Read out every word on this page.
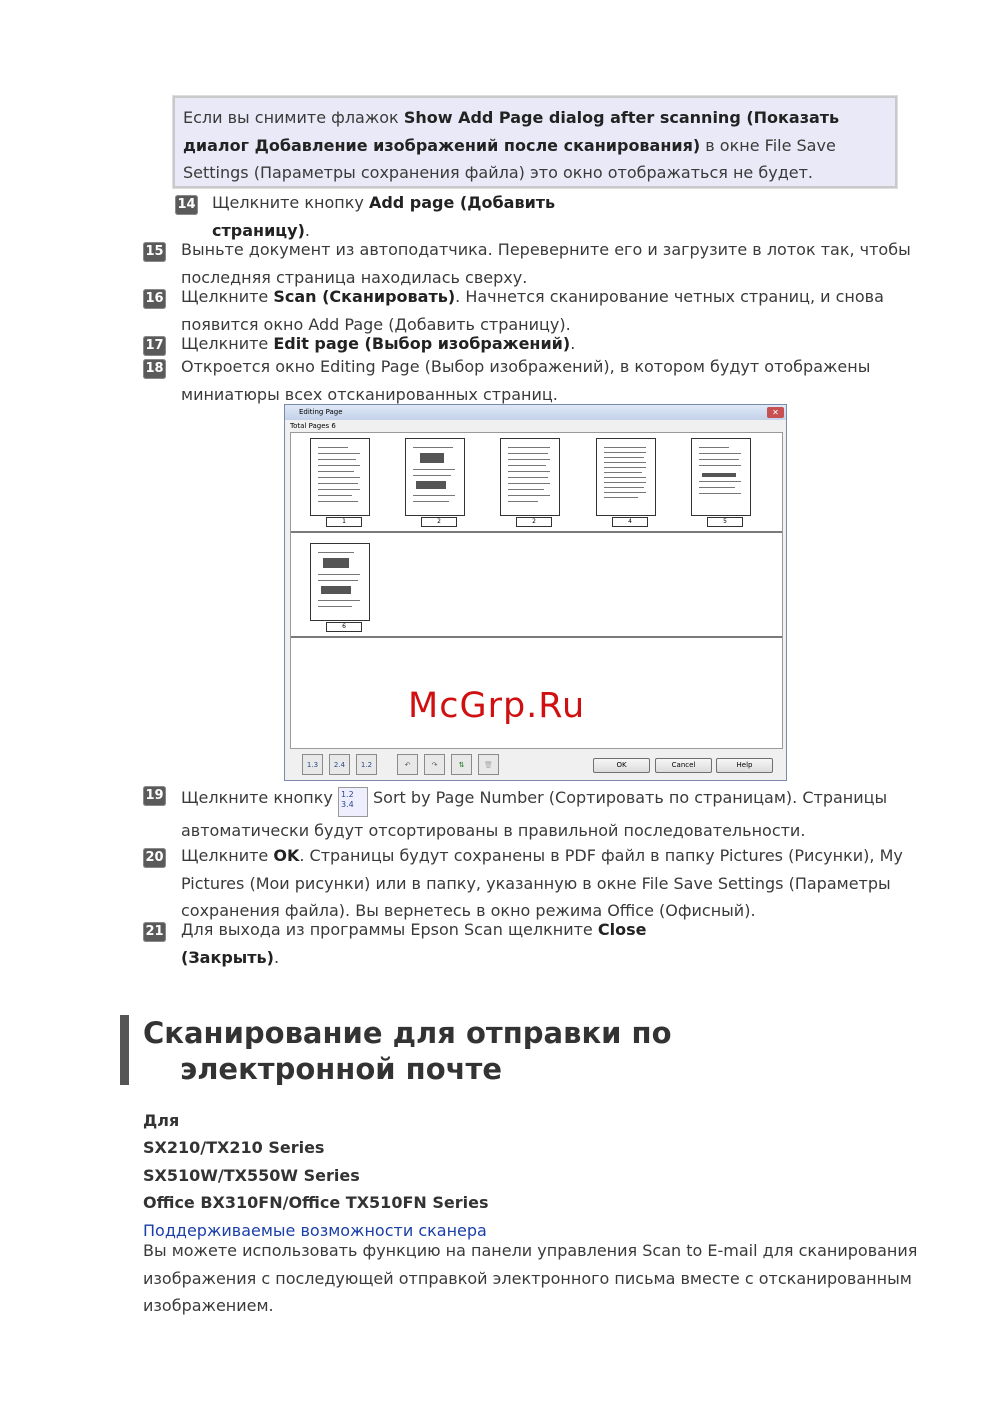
Если вы снимите флажок Show Add Page dialog after scanning (Показать диалог Добавление изображений после сканирования) в окне File Save Settings (Параметры сохранения файла) это окно отображаться не будет.
14 Щелкните кнопку Add page (Добавить
страницу).
15 Выньте документ из автоподатчика. Переверните его и загрузите в лоток так, чтобы последняя страница находилась сверху.
16 Щелкните Scan (Сканировать). Начнется сканирование четных страниц, и снова появится окно Add Page (Добавить страницу).
17 Щелкните Edit page (Выбор изображений).
18 Откроется окно Editing Page (Выбор изображений), в котором будут отображены миниатюры всех отсканированных страниц.
Editing Page	✕
Total Pages 6
1	2	2	4	5
6
1.3	2.4	1.2	↶	↷	⇅	🗑	OK	Cancel	Help
McGrp.Ru
19 Щелкните кнопку 1.2
3.4 Sort by Page Number (Сортировать по страницам). Страницы автоматически будут отсортированы в правильной последовательности.
20 Щелкните OK. Страницы будут сохранены в PDF файл в папку Pictures (Рисунки), My Pictures (Мои рисунки) или в папку, указанную в окне File Save Settings (Параметры сохранения файла). Вы вернетесь в окно режима Office (Офисный).
21 Для выхода из программы Epson Scan щелкните Close
(Закрыть).
Сканирование для отправки по
электронной почте
Для
SX210/TX210 Series
SX510W/TX550W Series
Office BX310FN/Office TX510FN Series
Поддерживаемые возможности сканера
Вы можете использовать функцию на панели управления Scan to E-mail для сканирования изображения с последующей отправкой электронного письма вместе с отсканированным изображением.
